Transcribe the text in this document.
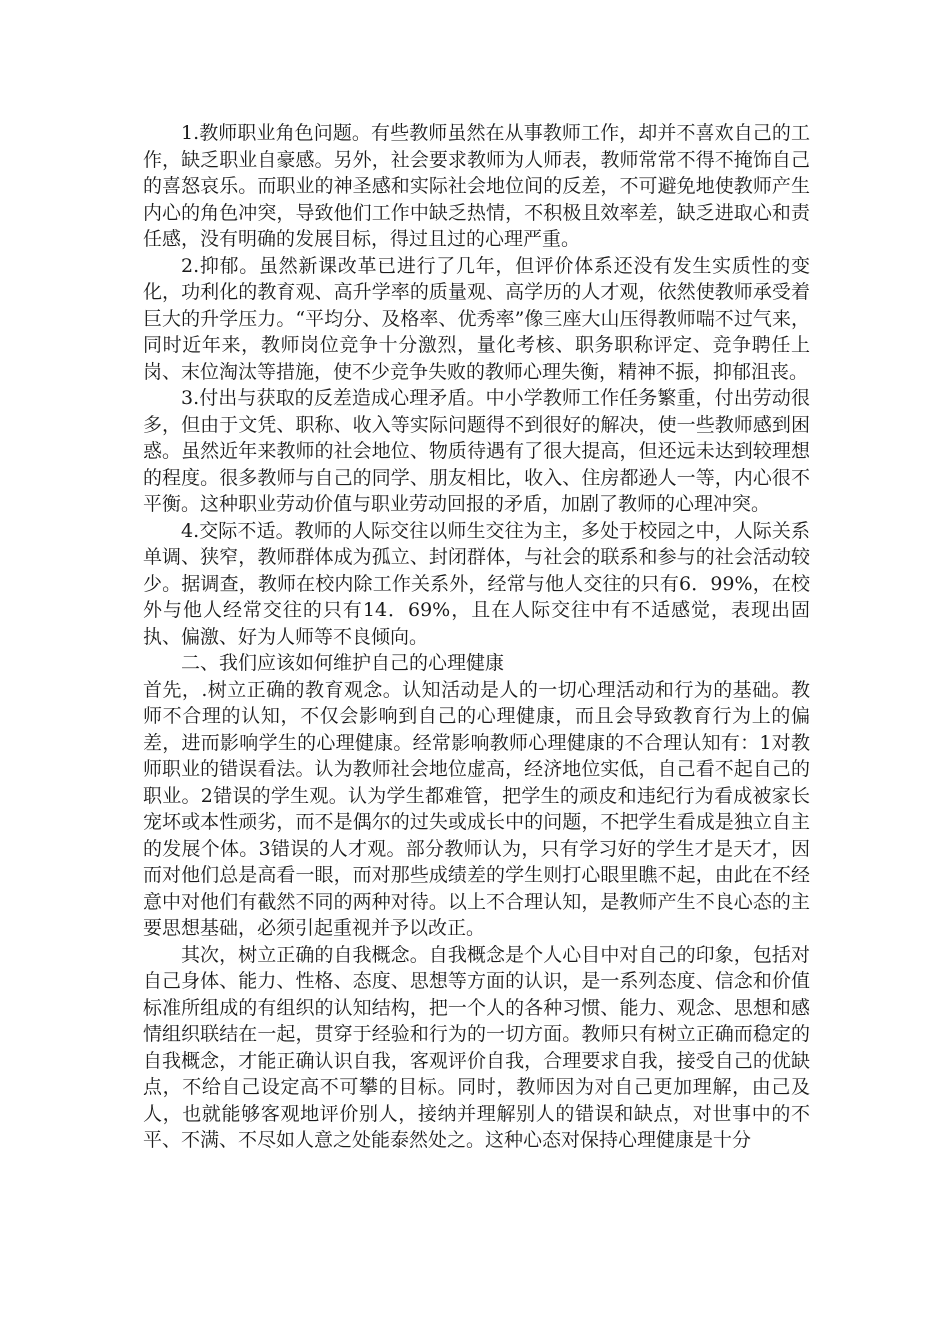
1.教师职业角色问题。有些教师虽然在从事教师工作，却并不喜欢自己的工作，缺乏职业自豪感。另外，社会要求教师为人师表，教师常常不得不掩饰自己的喜怒哀乐。而职业的神圣感和实际社会地位间的反差，不可避免地使教师产生内心的角色冲突，导致他们工作中缺乏热情，不积极且效率差，缺乏进取心和责任感，没有明确的发展目标，得过且过的心理严重。

2.抑郁。虽然新课改革已进行了几年，但评价体系还没有发生实质性的变化，功利化的教育观、高升学率的质量观、高学历的人才观，依然使教师承受着巨大的升学压力。“平均分、及格率、优秀率”像三座大山压得教师喘不过气来，同时近年来，教师岗位竞争十分激烈，量化考核、职务职称评定、竞争聘任上岗、末位淘汰等措施，使不少竞争失败的教师心理失衡，精神不振，抑郁沮丧。

3.付出与获取的反差造成心理矛盾。中小学教师工作任务繁重，付出劳动很多，但由于文凭、职称、收入等实际问题得不到很好的解决，使一些教师感到困惑。虽然近年来教师的社会地位、物质待遇有了很大提高，但还远未达到较理想的程度。很多教师与自己的同学、朋友相比，收入、住房都逊人一等，内心很不平衡。这种职业劳动价值与职业劳动回报的矛盾，加剧了教师的心理冲突。

4.交际不适。教师的人际交往以师生交往为主，多处于校园之中，人际关系单调、狭窄，教师群体成为孤立、封闭群体，与社会的联系和参与的社会活动较少。据调查，教师在校内除工作关系外，经常与他人交往的只有6．99%，在校外与他人经常交往的只有14．69%，且在人际交往中有不适感觉，表现出固执、偏激、好为人师等不良倾向。

二、我们应该如何维护自己的心理健康

首先，.树立正确的教育观念。认知活动是人的一切心理活动和行为的基础。教师不合理的认知，不仅会影响到自己的心理健康，而且会导致教育行为上的偏差，进而影响学生的心理健康。经常影响教师心理健康的不合理认知有：1对教师职业的错误看法。认为教师社会地位虚高，经济地位实低，自己看不起自己的职业。2错误的学生观。认为学生都难管，把学生的顽皮和违纪行为看成被家长宠坏或本性顽劣，而不是偶尔的过失或成长中的问题，不把学生看成是独立自主的发展个体。3错误的人才观。部分教师认为，只有学习好的学生才是天才，因而对他们总是高看一眼，而对那些成绩差的学生则打心眼里瞧不起，由此在不经意中对他们有截然不同的两种对待。以上不合理认知，是教师产生不良心态的主要思想基础，必须引起重视并予以改正。

其次，树立正确的自我概念。自我概念是个人心目中对自己的印象，包括对自己身体、能力、性格、态度、思想等方面的认识，是一系列态度、信念和价值标准所组成的有组织的认知结构，把一个人的各种习惯、能力、观念、思想和感情组织联结在一起，贯穿于经验和行为的一切方面。教师只有树立正确而稳定的自我概念，才能正确认识自我，客观评价自我，合理要求自我，接受自己的优缺点，不给自己设定高不可攀的目标。同时，教师因为对自己更加理解，由己及人，也就能够客观地评价别人，接纳并理解别人的错误和缺点，对世事中的不平、不满、不尽如人意之处能泰然处之。这种心态对保持心理健康是十分
